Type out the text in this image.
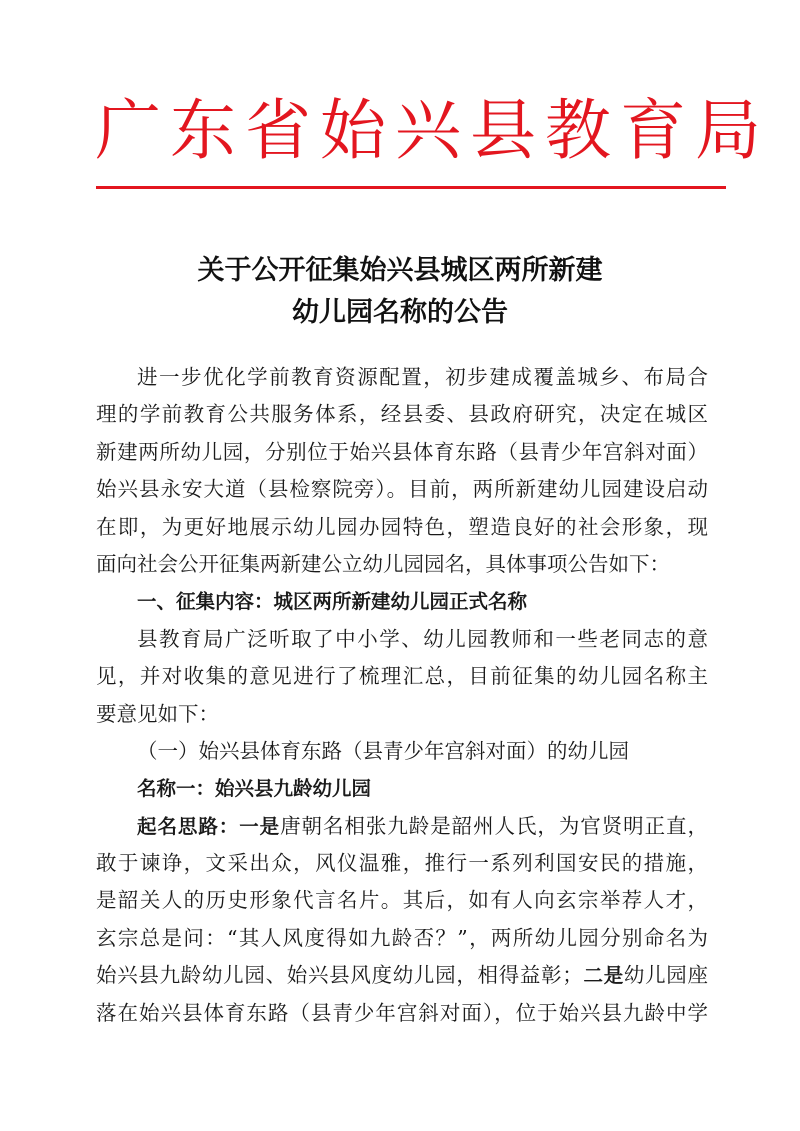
广东省始兴县教育局
关于公开征集始兴县城区两所新建
幼儿园名称的公告
进一步优化学前教育资源配置，初步建成覆盖城乡、布局合
理的学前教育公共服务体系，经县委、县政府研究，决定在城区
新建两所幼儿园，分别位于始兴县体育东路（县青少年宫斜对面）
始兴县永安大道（县检察院旁）。目前，两所新建幼儿园建设启动
在即，为更好地展示幼儿园办园特色，塑造良好的社会形象，现
面向社会公开征集两新建公立幼儿园园名，具体事项公告如下：
一、征集内容：城区两所新建幼儿园正式名称
县教育局广泛听取了中小学、幼儿园教师和一些老同志的意
见，并对收集的意见进行了梳理汇总，目前征集的幼儿园名称主
要意见如下：
（一）始兴县体育东路（县青少年宫斜对面）的幼儿园
名称一：始兴县九龄幼儿园
起名思路：一是唐朝名相张九龄是韶州人氏，为官贤明正直，
敢于谏诤，文采出众，风仪温雅，推行一系列利国安民的措施，
是韶关人的历史形象代言名片。其后，如有人向玄宗举荐人才，
玄宗总是问：“其人风度得如九龄否？”，两所幼儿园分别命名为
始兴县九龄幼儿园、始兴县风度幼儿园，相得益彰；二是幼儿园座
落在始兴县体育东路（县青少年宫斜对面），位于始兴县九龄中学
